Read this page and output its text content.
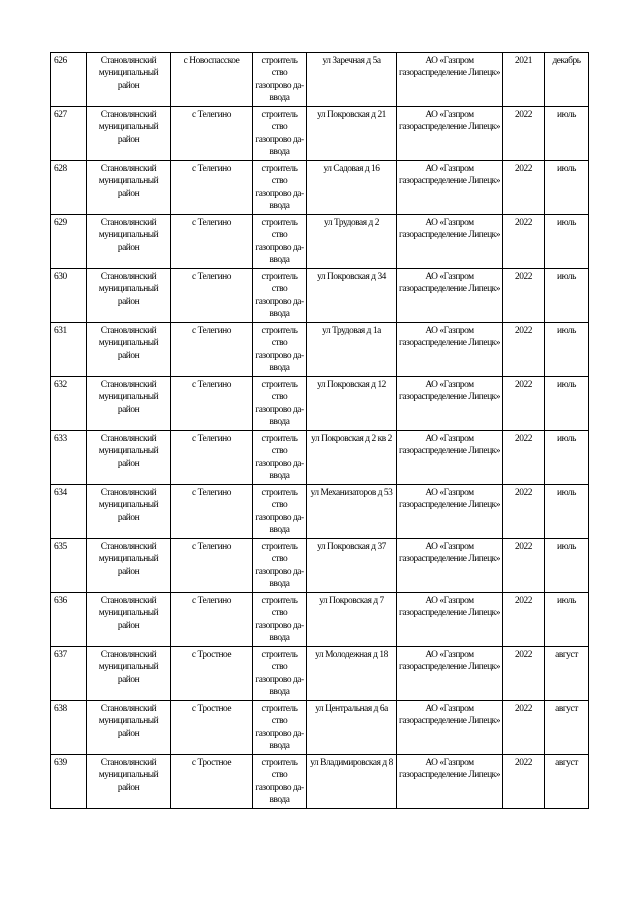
626	Становлянский муниципальный район	с Новоспасское	строитель ство газопрово да-ввода	ул Заречная д 5а	АО «Газпром газораспределение Липецк»	2021	декабрь
627	Становлянский муниципальный район	с Телегино	строитель ство газопрово да-ввода	ул Покровская д 21	АО «Газпром газораспределение Липецк»	2022	июль
628	Становлянский муниципальный район	с Телегино	строитель ство газопрово да-ввода	ул Садовая д 16	АО «Газпром газораспределение Липецк»	2022	июль
629	Становлянский муниципальный район	с Телегино	строитель ство газопрово да-ввода	ул Трудовая д 2	АО «Газпром газораспределение Липецк»	2022	июль
630	Становлянский муниципальный район	с Телегино	строитель ство газопрово да-ввода	ул Покровская д 34	АО «Газпром газораспределение Липецк»	2022	июль
631	Становлянский муниципальный район	с Телегино	строитель ство газопрово да-ввода	ул Трудовая д 1а	АО «Газпром газораспределение Липецк»	2022	июль
632	Становлянский муниципальный район	с Телегино	строитель ство газопрово да-ввода	ул Покровская д 12	АО «Газпром газораспределение Липецк»	2022	июль
633	Становлянский муниципальный район	с Телегино	строитель ство газопрово да-ввода	ул Покровская д 2 кв 2	АО «Газпром газораспределение Липецк»	2022	июль
634	Становлянский муниципальный район	с Телегино	строитель ство газопрово да-ввода	ул Механизаторов д 53	АО «Газпром газораспределение Липецк»	2022	июль
635	Становлянский муниципальный район	с Телегино	строитель ство газопрово да-ввода	ул Покровская д 37	АО «Газпром газораспределение Липецк»	2022	июль
636	Становлянский муниципальный район	с Телегино	строитель ство газопрово да-ввода	ул Покровская д 7	АО «Газпром газораспределение Липецк»	2022	июль
637	Становлянский муниципальный район	с Тростное	строитель ство газопрово да-ввода	ул Молодежная д 18	АО «Газпром газораспределение Липецк»	2022	август
638	Становлянский муниципальный район	с Тростное	строитель ство газопрово да-ввода	ул Центральная д 6а	АО «Газпром газораспределение Липецк»	2022	август
639	Становлянский муниципальный район	с Тростное	строитель ство газопрово да-ввода	ул Владимировская д 8	АО «Газпром газораспределение Липецк»	2022	август
